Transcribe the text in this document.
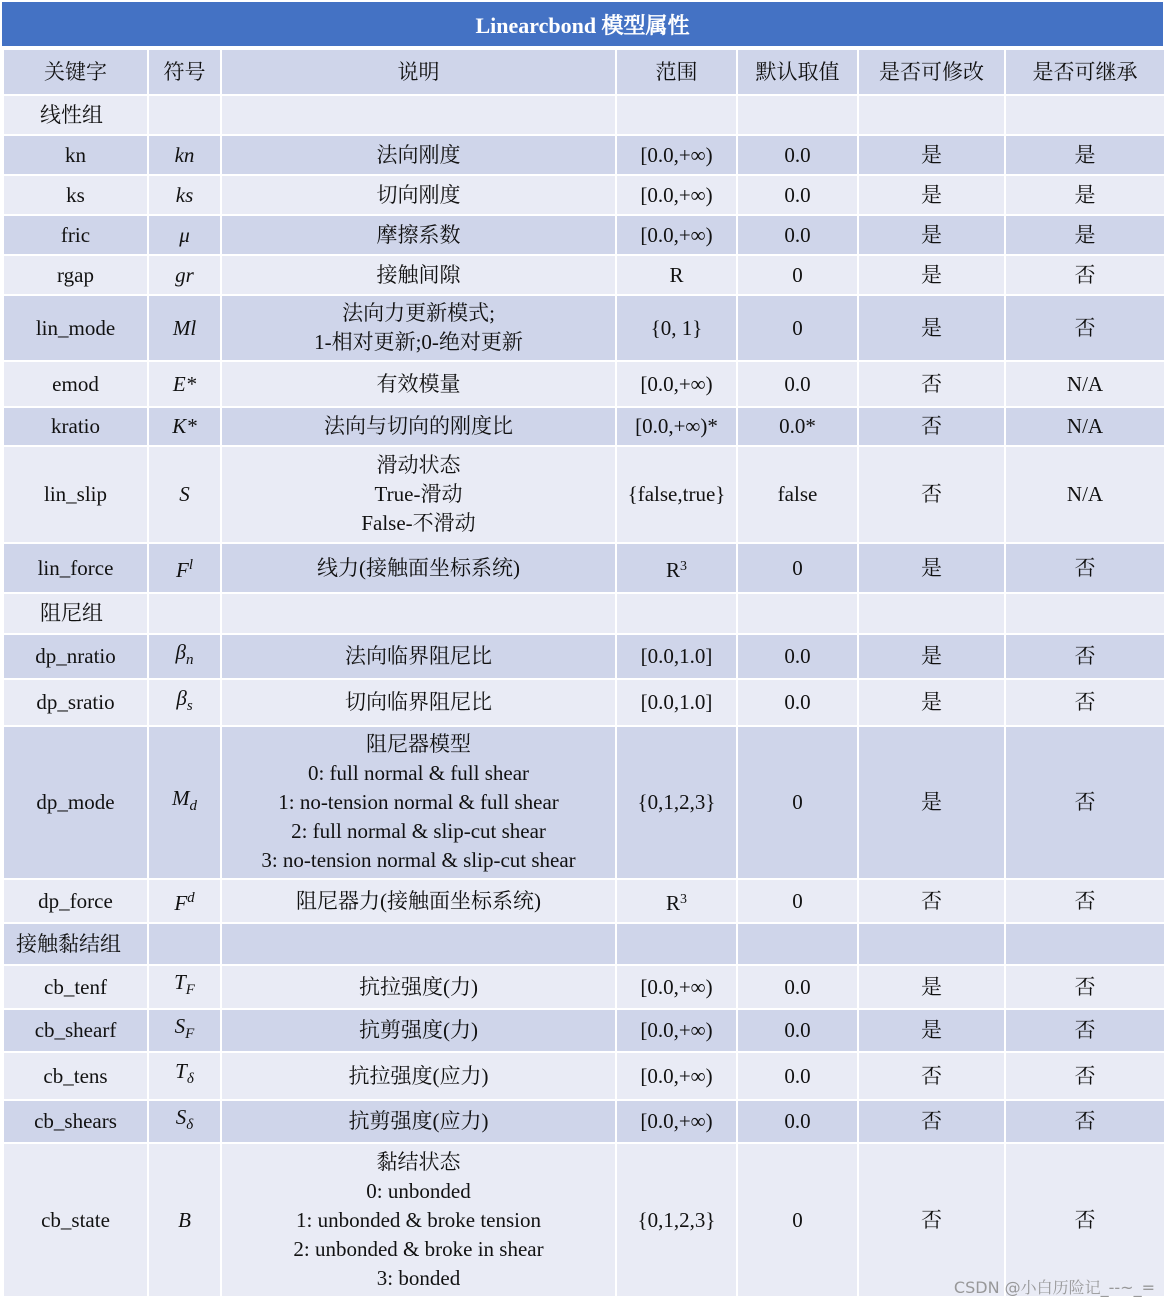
Linearcbond 模型属性
关键字	符号	说明	范围	默认取值	是否可修改	是否可继承
线性组						
kn	kn	法向刚度	[0.0,+∞)	0.0	是	是
ks	ks	切向刚度	[0.0,+∞)	0.0	是	是
fric	μ	摩擦系数	[0.0,+∞)	0.0	是	是
rgap	gr	接触间隙	R	0	是	否
lin_mode	Ml	法向力更新模式;
1-相对更新;0-绝对更新	{0, 1}	0	是	否
emod	E*	有效模量	[0.0,+∞)	0.0	否	N/A
kratio	K*	法向与切向的刚度比	[0.0,+∞)*	0.0*	否	N/A
lin_slip	S	滑动状态
True-滑动
False-不滑动	{false,true}	false	否	N/A
lin_force	$F^l$	线力(接触面坐标系统)	$R^3$	0	是	否
阻尼组						
dp_nratio	$\beta_n$	法向临界阻尼比	[0.0,1.0]	0.0	是	否
dp_sratio	$\beta_s$	切向临界阻尼比	[0.0,1.0]	0.0	是	否
dp_mode	$M_d$	阻尼器模型
0: full normal & full shear
1: no-tension normal & full shear
2: full normal & slip-cut shear
3: no-tension normal & slip-cut shear	{0,1,2,3}	0	是	否
dp_force	$F^d$	阻尼器力(接触面坐标系统)	$R^3$	0	否	否
接触黏结组						
cb_tenf	$T_F$	抗拉强度(力)	[0.0,+∞)	0.0	是	否
cb_shearf	$S_F$	抗剪强度(力)	[0.0,+∞)	0.0	是	否
cb_tens	$T_\delta$	抗拉强度(应力)	[0.0,+∞)	0.0	否	否
cb_shears	$S_\delta$	抗剪强度(应力)	[0.0,+∞)	0.0	否	否
cb_state	B	黏结状态
0: unbonded
1: unbonded & broke tension
2: unbonded & broke in shear
3: bonded	{0,1,2,3}	0	否	否
CSDN @小白历险记_--~_=
